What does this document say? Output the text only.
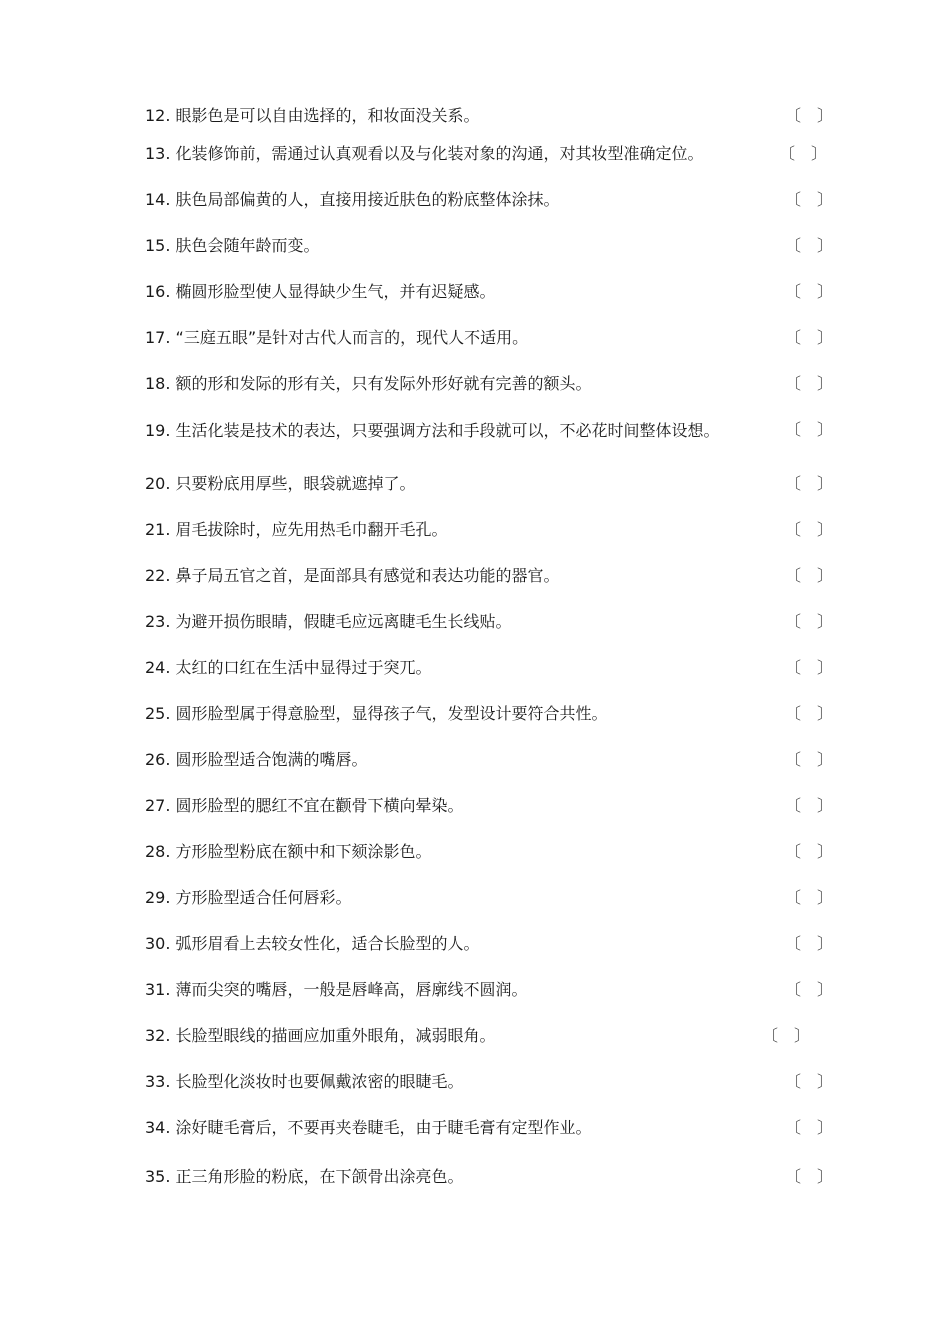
12. 眼影色是可以自由选择的，和妆面没关系。	〔　〕
13. 化装修饰前，需通过认真观看以及与化装对象的沟通，对其妆型准确定位。	〔　〕
14. 肤色局部偏黄的人，直接用接近肤色的粉底整体涂抹。	〔　〕
15. 肤色会随年龄而变。	〔　〕
16. 椭圆形脸型使人显得缺少生气，并有迟疑感。	〔　〕
17. “三庭五眼”是针对古代人而言的，现代人不适用。	〔　〕
18. 额的形和发际的形有关，只有发际外形好就有完善的额头。	〔　〕
19. 生活化装是技术的表达，只要强调方法和手段就可以，不必花时间整体设想。	〔　〕
20. 只要粉底用厚些，眼袋就遮掉了。	〔　〕
21. 眉毛拔除时，应先用热毛巾翻开毛孔。	〔　〕
22. 鼻子局五官之首，是面部具有感觉和表达功能的器官。	〔　〕
23. 为避开损伤眼睛，假睫毛应远离睫毛生长线贴。	〔　〕
24. 太红的口红在生活中显得过于突兀。	〔　〕
25. 圆形脸型属于得意脸型，显得孩子气，发型设计要符合共性。	〔　〕
26. 圆形脸型适合饱满的嘴唇。	〔　〕
27. 圆形脸型的腮红不宜在颧骨下横向晕染。	〔　〕
28. 方形脸型粉底在额中和下颏涂影色。	〔　〕
29. 方形脸型适合任何唇彩。	〔　〕
30. 弧形眉看上去较女性化，适合长脸型的人。	〔　〕
31. 薄而尖突的嘴唇，一般是唇峰高，唇廓线不圆润。	〔　〕
32. 长脸型眼线的描画应加重外眼角，减弱眼角。	〔　〕
33. 长脸型化淡妆时也要佩戴浓密的眼睫毛。	〔　〕
34. 涂好睫毛膏后，不要再夹卷睫毛，由于睫毛膏有定型作业。	〔　〕
35. 正三角形脸的粉底，在下颌骨出涂亮色。	〔　〕
